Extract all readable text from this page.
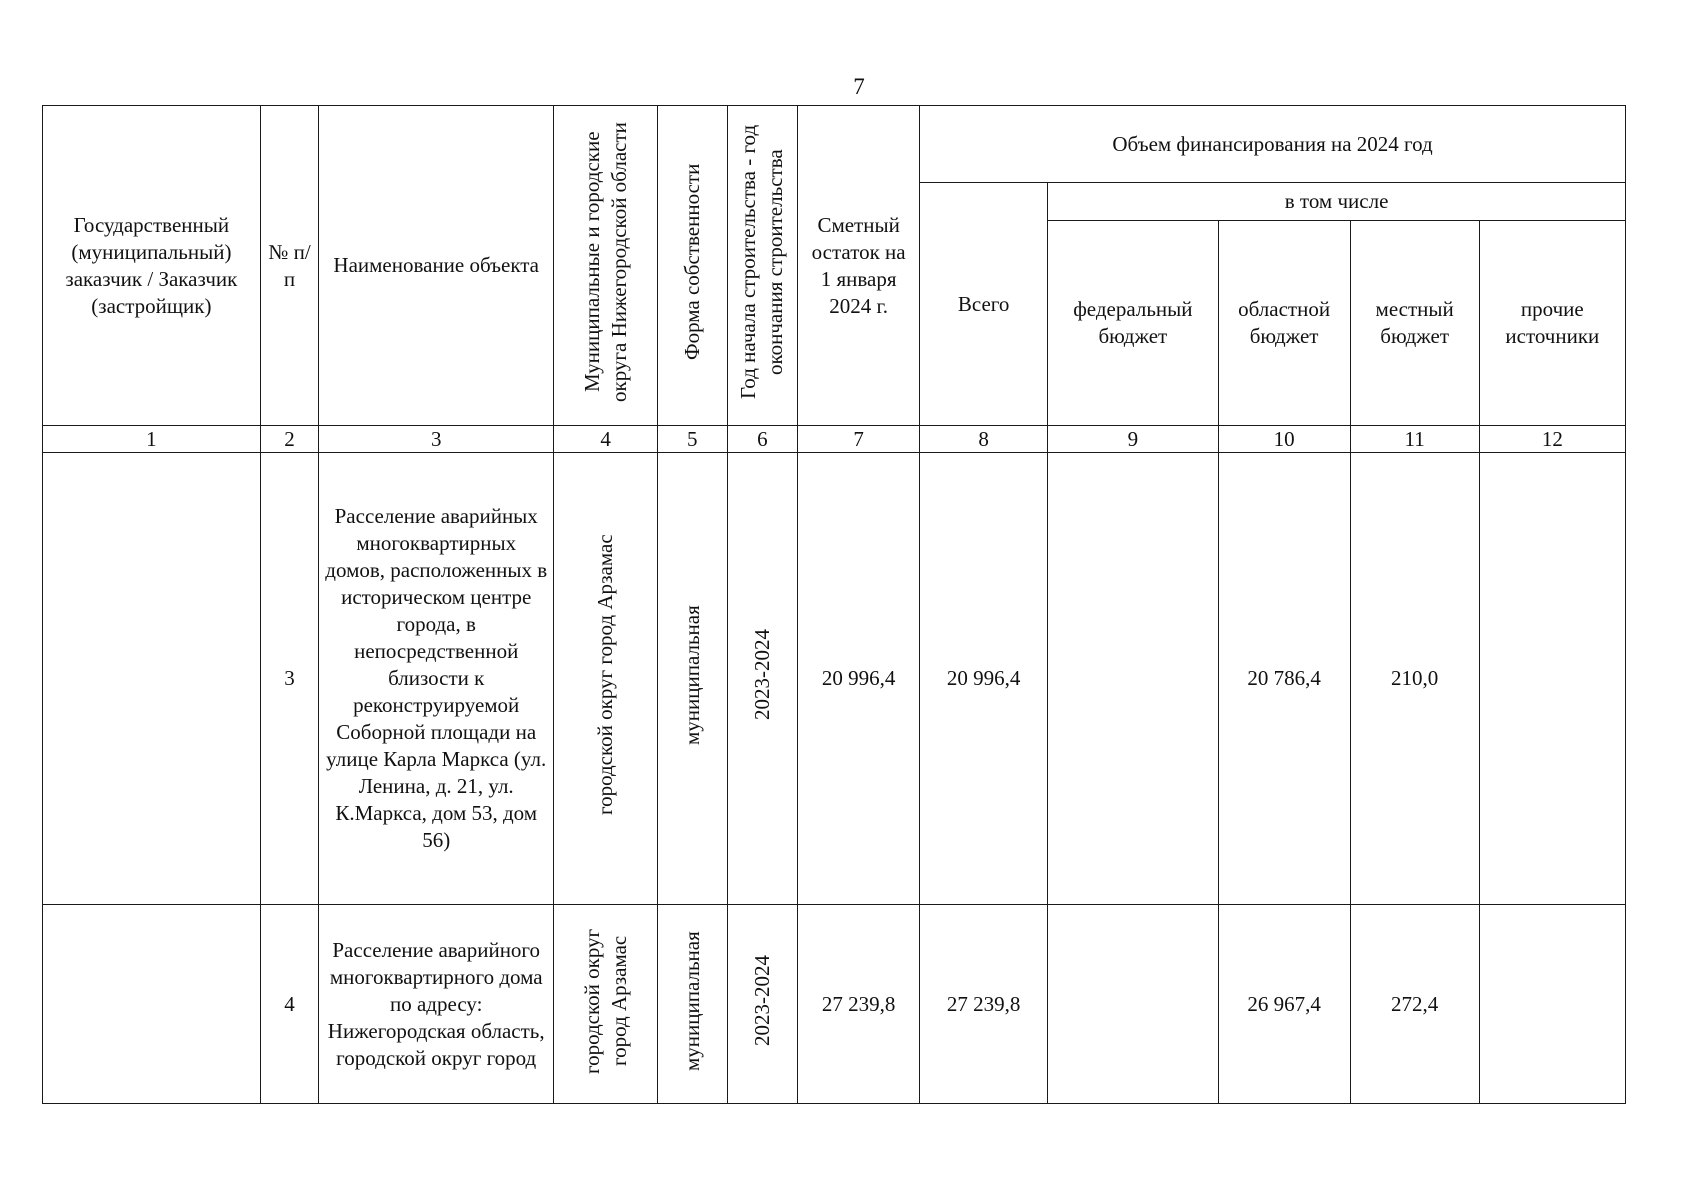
7
Государственный (муниципальный) заказчик / Заказчик (застройщик)	№ п/п	Наименование объекта	Муниципальные и городские округа Нижегородской области	Форма собственности	Год начала строительства - год окончания строительства	Сметный остаток на 1 января 2024 г.	Объем финансирования на 2024 год				
							Всего	в том числе			
								федеральный бюджет	областной бюджет	местный бюджет	прочие источники
1	2	3	4	5	6	7	8	9	10	11	12
	3	Расселение аварийных многоквартирных домов, расположенных в историческом центре города, в непосредственной близости к реконструируемой Соборной площади на улице Карла Маркса (ул. Ленина, д. 21, ул. К.Маркса, дом 53, дом 56)	городской округ город Арзамас	муниципальная	2023-2024	20 996,4	20 996,4		20 786,4	210,0	
	4	Расселение аварийного многоквартирного дома по адресу: Нижегородская область, городской округ город	городской округ город Арзамас	муниципальная	2023-2024	27 239,8	27 239,8		26 967,4	272,4	
